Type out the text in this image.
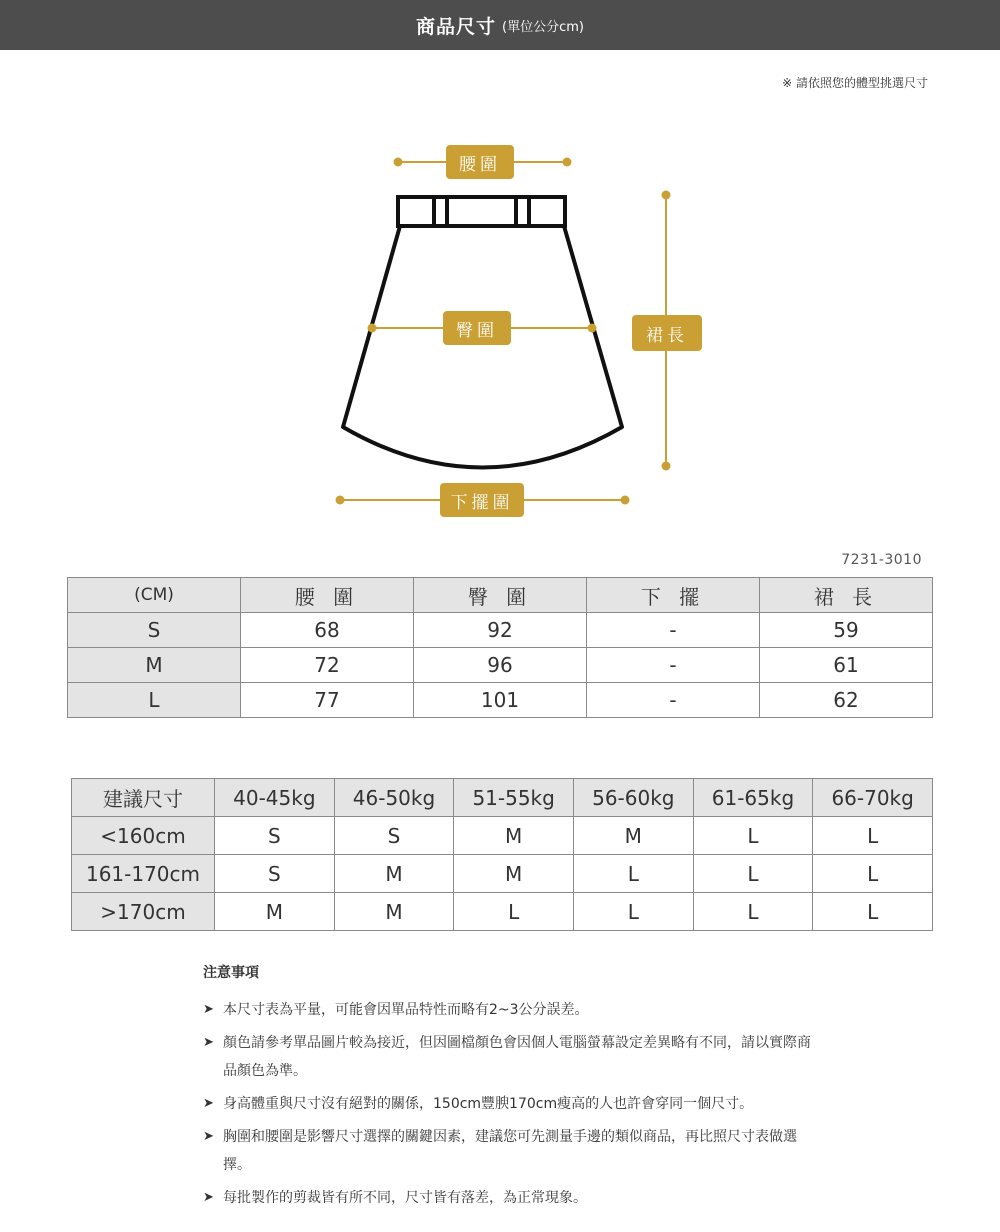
商品尺寸 (單位公分cm)
※ 請依照您的體型挑選尺寸
腰圍
臀圍	裙長
下擺圍
7231-3010
(CM)	腰 圍	臀 圍	下 擺	裙 長
S	68	92	-	59
M	72	96	-	61
L	77	101	-	62
建議尺寸	40-45kg	46-50kg	51-55kg	56-60kg	61-65kg	66-70kg
<160cm	S	S	M	M	L	L
161-170cm	S	M	M	L	L	L
>170cm	M	M	L	L	L	L
注意事項
➤ 本尺寸表為平量，可能會因單品特性而略有2~3公分誤差。
➤ 顏色請參考單品圖片較為接近，但因圖檔顏色會因個人電腦螢幕設定差異略有不同，請以實際商品顏色為準。
➤ 身高體重與尺寸沒有絕對的關係，150cm豐腴170cm瘦高的人也許會穿同一個尺寸。
➤ 胸圍和腰圍是影響尺寸選擇的關鍵因素，建議您可先測量手邊的類似商品，再比照尺寸表做選擇。
➤ 每批製作的剪裁皆有所不同，尺寸皆有落差，為正常現象。
